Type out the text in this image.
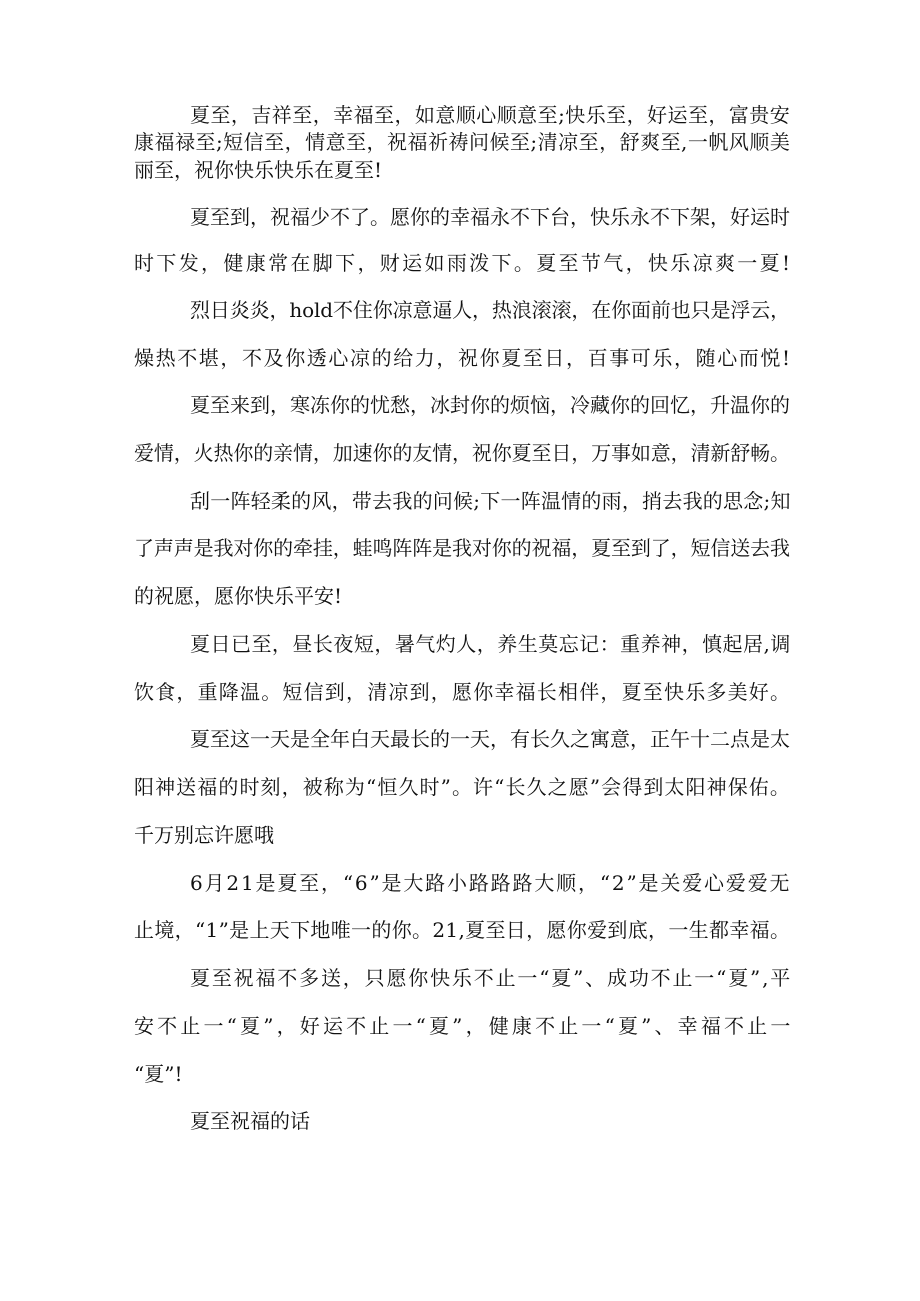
夏至，吉祥至，幸福至，如意顺心顺意至;快乐至，好运至，富贵安
康福禄至;短信至，情意至，祝福祈祷问候至;清凉至，舒爽至,一帆风顺美
丽至，祝你快乐快乐在夏至!
夏至到，祝福少不了。愿你的幸福永不下台，快乐永不下架，好运时
时下发，健康常在脚下，财运如雨泼下。夏至节气，快乐凉爽一夏!
烈日炎炎，hold不住你凉意逼人，热浪滚滚，在你面前也只是浮云，
燥热不堪，不及你透心凉的给力，祝你夏至日，百事可乐，随心而悦!
夏至来到，寒冻你的忧愁，冰封你的烦恼，冷藏你的回忆，升温你的
爱情，火热你的亲情，加速你的友情，祝你夏至日，万事如意，清新舒畅。
刮一阵轻柔的风，带去我的问候;下一阵温情的雨，捎去我的思念;知
了声声是我对你的牵挂，蛙鸣阵阵是我对你的祝福，夏至到了，短信送去我
的祝愿，愿你快乐平安!
夏日已至，昼长夜短，暑气灼人，养生莫忘记：重养神，慎起居,调
饮食，重降温。短信到，清凉到，愿你幸福长相伴，夏至快乐多美好。
夏至这一天是全年白天最长的一天，有长久之寓意，正午十二点是太
阳神送福的时刻，被称为“恒久时”。许“长久之愿”会得到太阳神保佑。
千万别忘许愿哦
6月21是夏至，“6”是大路小路路路大顺，“2”是关爱心爱爱无
止境，“1”是上天下地唯一的你。21,夏至日，愿你爱到底，一生都幸福。
夏至祝福不多送，只愿你快乐不止一“夏”、成功不止一“夏”,平
安不止一“夏”，好运不止一“夏”，健康不止一“夏”、幸福不止一
“夏”!
夏至祝福的话
